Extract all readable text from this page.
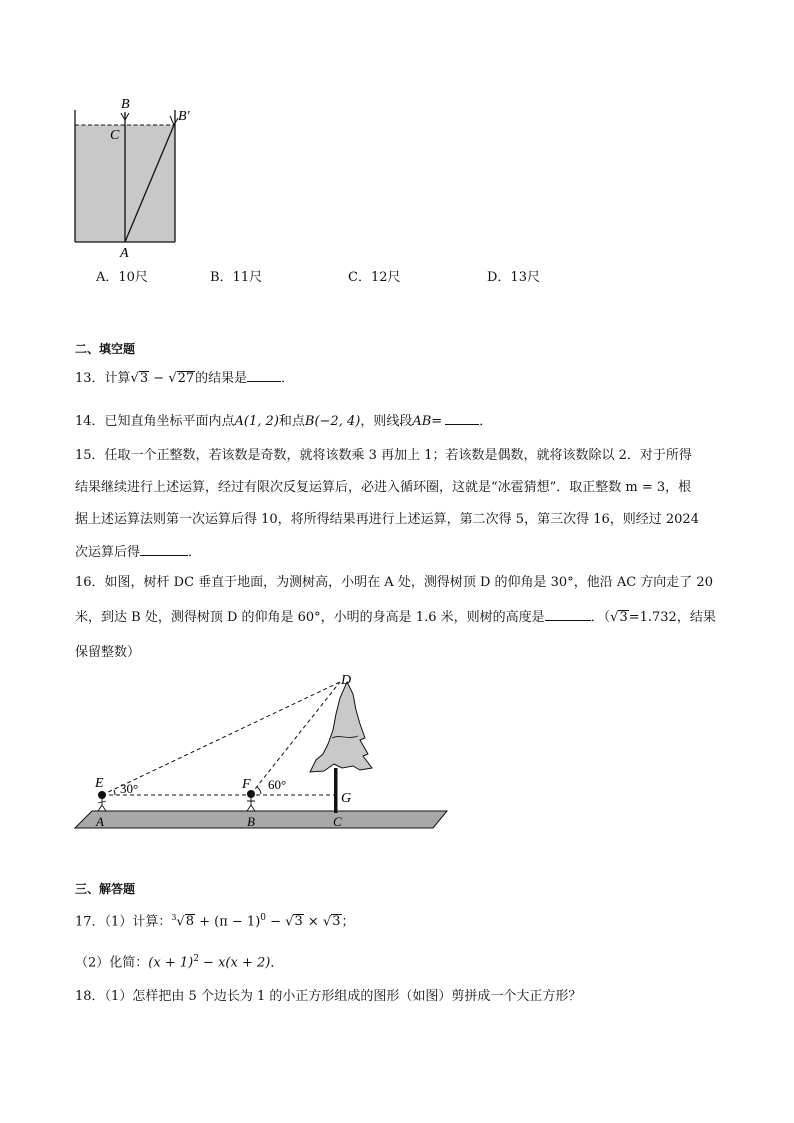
B
B′
C
A
A．10尺	B．11尺	C．12尺	D．13尺
二、填空题
13．计算√3 − √27的结果是	．
14．已知直角坐标平面内点A(1, 2)和点B(−2, 4)，则线段AB=	．
15．任取一个正整数，若该数是奇数，就将该数乘 3 再加上 1；若该数是偶数，就将该数除以 2．对于所得
结果继续进行上述运算，经过有限次反复运算后，必进入循环圈，这就是“冰雹猜想”．取正整数 m = 3，根
据上述运算法则第一次运算后得 10，将所得结果再进行上述运算，第二次得 5，第三次得 16，则经过 2024
次运算后得	．
16．如图，树杆 DC 垂直于地面，为测树高，小明在 A 处，测得树顶 D 的仰角是 30°，他沿 AC 方向走了 20
米，到达 B 处，测得树顶 D 的仰角是 60°，小明的身高是 1.6 米，则树的高度是	．（√3=1.732，结果
保留整数）
D
E	F
G
A	B	C
30°	60°
三、解答题
17．（1）计算：$^3√8 + (\pi - 1)^0 - √3 \times √3$；
（2）化简：$(x + 1)^2 - x(x + 2)$．
18．（1）怎样把由 5 个边长为 1 的小正方形组成的图形（如图）剪拼成一个大正方形？
